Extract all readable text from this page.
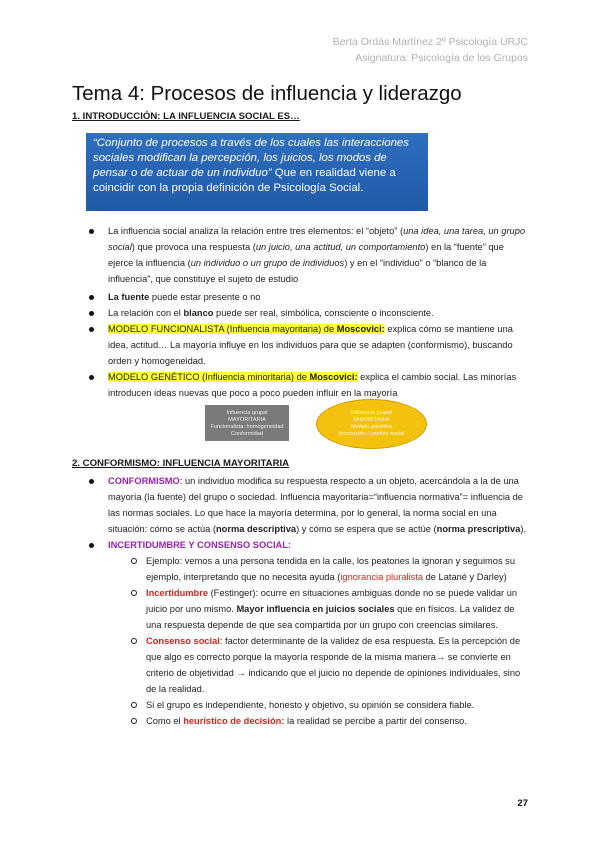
Berta Ordás Martínez 2º Psicología URJC
Asignatura: Psicología de los Grupos
Tema 4: Procesos de influencia y liderazgo
1. INTRODUCCIÓN: LA INFLUENCIA SOCIAL ES…
“Conjunto de procesos a través de los cuales las interacciones sociales modifican la percepción, los juicios, los modos de pensar o de actuar de un individuo” Que en realidad viene a coincidir con la propia definición de Psicología Social.
La influencia social analiza la relación entre tres elementos: el “objeto” (una idea, una tarea, un grupo social) que provoca una respuesta (un juicio, una actitud, un comportamiento) en la “fuente” que ejerce la influencia (un individuo o un grupo de individuos) y en el “individuo” o “blanco de la influencia”, que constituye el sujeto de estudio
La fuente puede estar presente o no
La relación con el blanco puede ser real, simbólica, consciente o inconsciente.
MODELO FUNCIONALISTA (Influencia mayoritaria) de Moscovici: explica cómo se mantiene una idea, actitud… La mayoría influye en los individuos para que se adapten (conformismo), buscando orden y homogeneidad.
MODELO GENÉTICO (Influencia minoritaria) de Moscovici: explica el cambio social. Las minorías introducen ideas nuevas que poco a poco pueden influir en la mayoría
Influencia grupal
MAYORITARIA
Funcionalista: homogeneidad
Conformidad
Influencia grupal
MINORITARIA
Modelo genético
Innovación / cambio social
2. CONFORMISMO: INFLUENCIA MAYORITARIA
CONFORMISMO: un individuo modifica su respuesta respecto a un objeto, acercándola a la de una mayoría (la fuente) del grupo o sociedad. Influencia mayoritaria=“influencia normativa”= influencia de las normas sociales. Lo que hace la mayoría determina, por lo general, la norma social en una situación: cómo se actúa (norma descriptiva) y cómo se espera que se actúe (norma prescriptiva).
INCERTIDUMBRE Y CONSENSO SOCIAL:
Ejemplo: vemos a una persona tendida en la calle, los peatones la ignoran y seguimos su ejemplo, interpretando que no necesita ayuda (ignorancia pluralista de Latané y Darley)
Incertidumbre (Festinger): ocurre en situaciones ambiguas donde no se puede validar un juicio por uno mismo. Mayor influencia en juicios sociales que en físicos. La validez de una respuesta depende de que sea compartida por un grupo con creencias similares.
Consenso social: factor determinante de la validez de esa respuesta. Es la percepción de que algo es correcto porque la mayoría responde de la misma manera→ se convierte en criterio de objetividad → indicando que el juicio no depende de opiniones individuales, sino de la realidad.
Si el grupo es independiente, honesto y objetivo, su opinión se considera fiable.
Como el heurístico de decisión: la realidad se percibe a partir del consenso.
27
